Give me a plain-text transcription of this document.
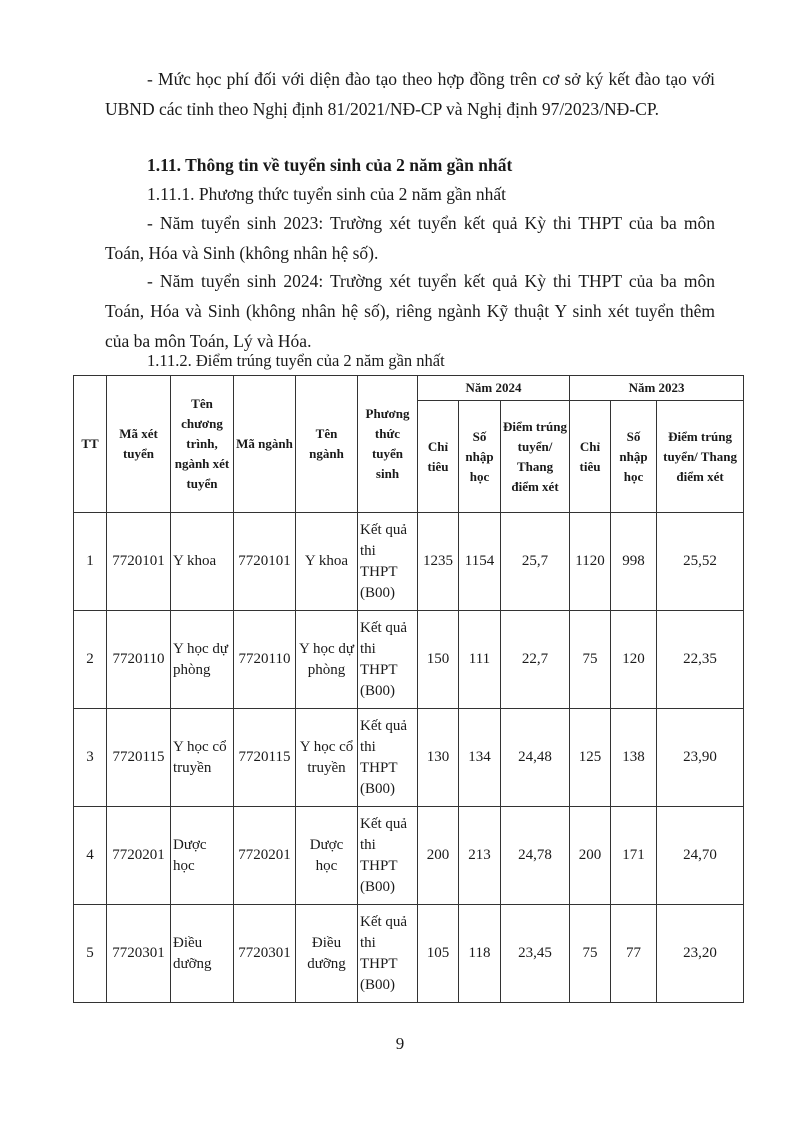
- Mức học phí đối với diện đào tạo theo hợp đồng trên cơ sở ký kết đào tạo với UBND các tỉnh theo Nghị định 81/2021/NĐ-CP và Nghị định 97/2023/NĐ-CP.

1.11. Thông tin về tuyển sinh của 2 năm gần nhất

1.11.1. Phương thức tuyển sinh của 2 năm gần nhất

- Năm tuyển sinh 2023: Trường xét tuyển kết quả Kỳ thi THPT của ba môn Toán, Hóa và Sinh (không nhân hệ số).

- Năm tuyển sinh 2024: Trường xét tuyển kết quả Kỳ thi THPT của ba môn Toán, Hóa và Sinh (không nhân hệ số), riêng ngành Kỹ thuật Y sinh xét tuyển thêm của ba môn Toán, Lý và Hóa.

1.11.2. Điểm trúng tuyển của 2 năm gần nhất

TT	Mã xét tuyển	Tên chương trình, ngành xét tuyển	Mã ngành	Tên ngành	Phương thức tuyển sinh	Năm 2024			Năm 2023		
						Chỉ tiêu	Số nhập học	Điểm trúng tuyển/ Thang điểm xét	Chỉ tiêu	Số nhập học	Điểm trúng tuyển/ Thang điểm xét
1	7720101	Y khoa	7720101	Y khoa	Kết quả thi THPT (B00)	1235	1154	25,7	1120	998	25,52
2	7720110	Y học dự phòng	7720110	Y học dự phòng	Kết quả thi THPT (B00)	150	111	22,7	75	120	22,35
3	7720115	Y học cổ truyền	7720115	Y học cổ truyền	Kết quả thi THPT (B00)	130	134	24,48	125	138	23,90
4	7720201	Dược học	7720201	Dược học	Kết quả thi THPT (B00)	200	213	24,78	200	171	24,70
5	7720301	Điều dưỡng	7720301	Điều dưỡng	Kết quả thi THPT (B00)	105	118	23,45	75	77	23,20
9
